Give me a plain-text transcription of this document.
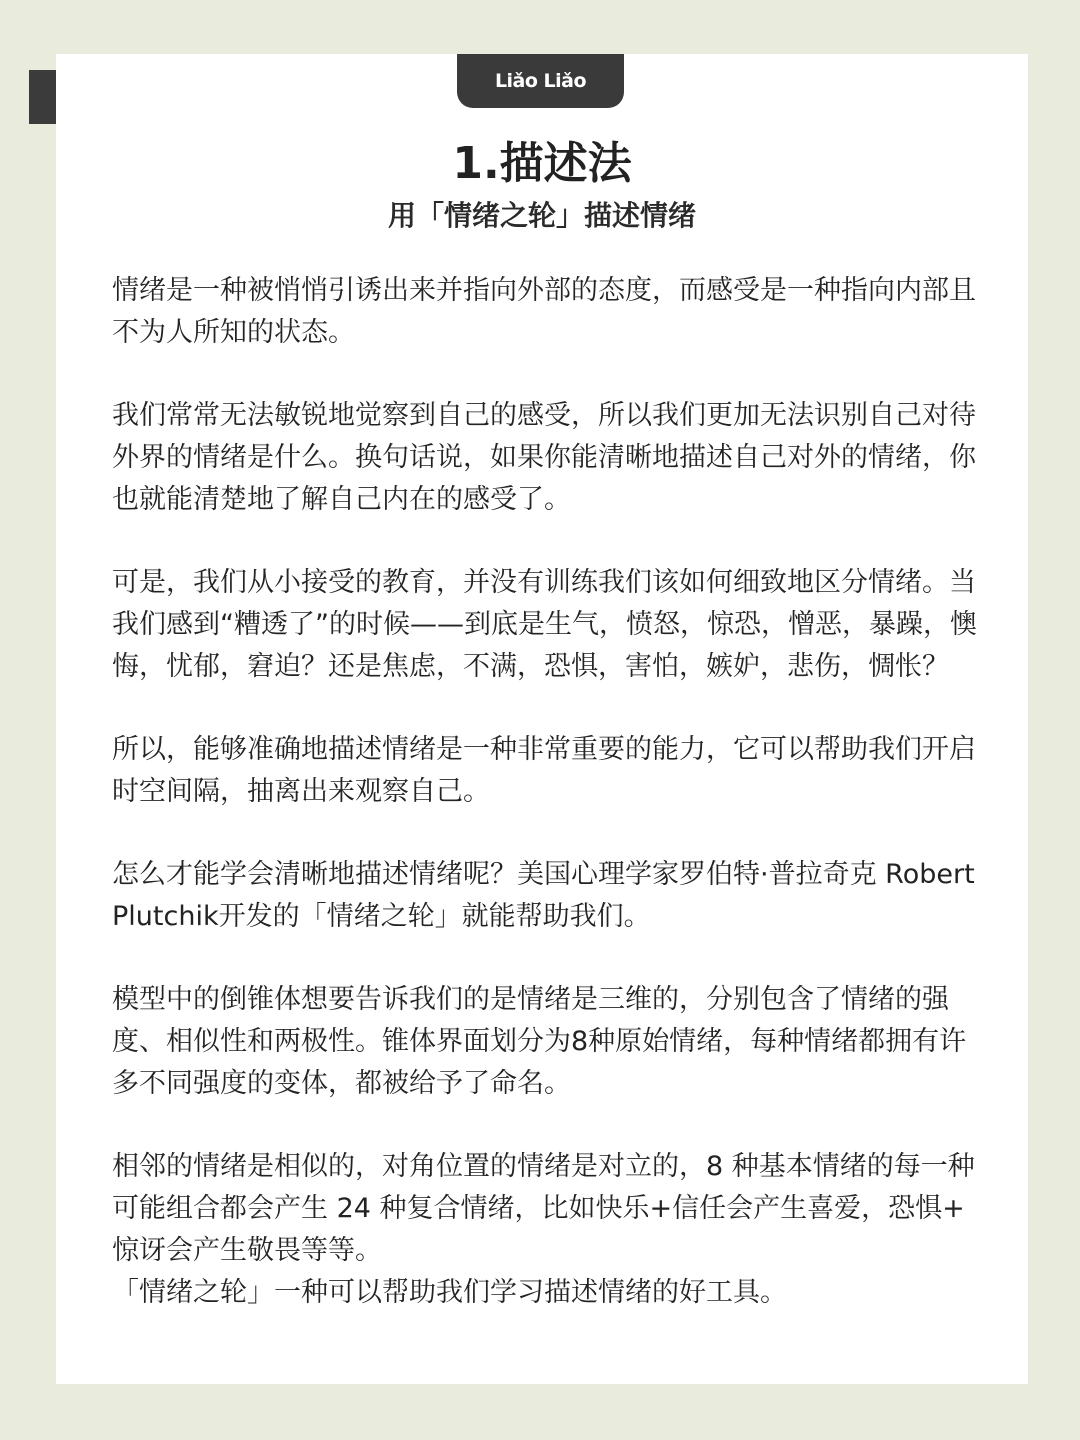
Liǎo Liǎo
1.描述法
用「情绪之轮」描述情绪

情绪是一种被悄悄引诱出来并指向外部的态度，而感受是一种指向内部且不为人所知的状态。

我们常常无法敏锐地觉察到自己的感受，所以我们更加无法识别自己对待外界的情绪是什么。换句话说，如果你能清晰地描述自己对外的情绪，你也就能清楚地了解自己内在的感受了。

可是，我们从小接受的教育，并没有训练我们该如何细致地区分情绪。当我们感到“糟透了”的时候——到底是生气，愤怒，惊恐，憎恶，暴躁，懊悔，忧郁，窘迫？还是焦虑，不满，恐惧，害怕，嫉妒，悲伤，惆怅？

所以，能够准确地描述情绪是一种非常重要的能力，它可以帮助我们开启时空间隔，抽离出来观察自己。

怎么才能学会清晰地描述情绪呢？美国心理学家罗伯特·普拉奇克 Robert Plutchik开发的「情绪之轮」就能帮助我们。

模型中的倒锥体想要告诉我们的是情绪是三维的，分别包含了情绪的强度、相似性和两极性。锥体界面划分为8种原始情绪，每种情绪都拥有许多不同强度的变体，都被给予了命名。

相邻的情绪是相似的，对角位置的情绪是对立的，8 种基本情绪的每一种可能组合都会产生 24 种复合情绪，比如快乐+信任会产生喜爱，恐惧+ 惊讶会产生敬畏等等。

「情绪之轮」一种可以帮助我们学习描述情绪的好工具。
